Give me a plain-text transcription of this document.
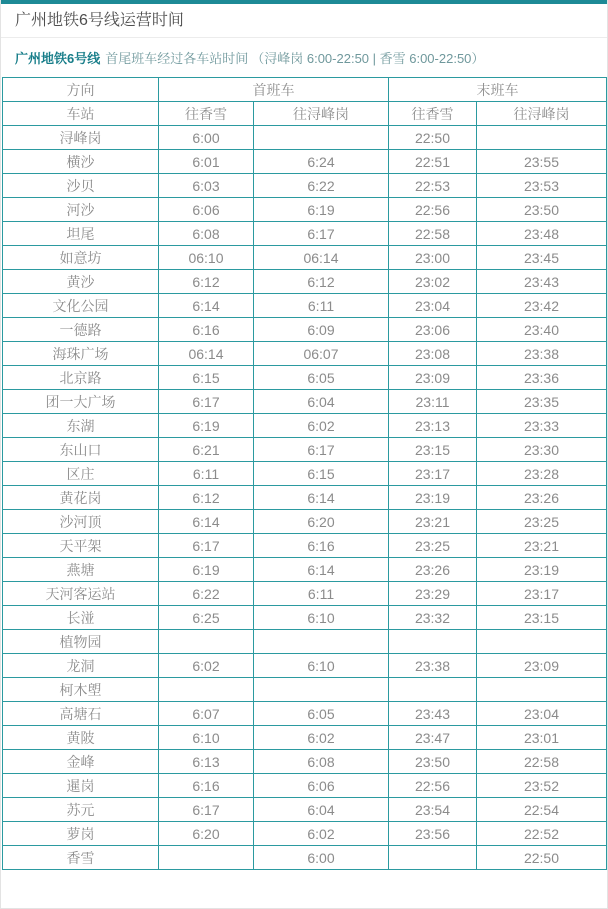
广州地铁6号线运营时间
广州地铁6号线 首尾班车经过各车站时间 （浔峰岗 6:00-22:50 | 香雪 6:00-22:50）
方向	首班车		末班车	
车站	往香雪	往浔峰岗	往香雪	往浔峰岗
浔峰岗	6:00		22:50	
横沙	6:01	6:24	22:51	23:55
沙贝	6:03	6:22	22:53	23:53
河沙	6:06	6:19	22:56	23:50
坦尾	6:08	6:17	22:58	23:48
如意坊	06:10	06:14	23:00	23:45
黄沙	6:12	6:12	23:02	23:43
文化公园	6:14	6:11	23:04	23:42
一德路	6:16	6:09	23:06	23:40
海珠广场	06:14	06:07	23:08	23:38
北京路	6:15	6:05	23:09	23:36
团一大广场	6:17	6:04	23:11	23:35
东湖	6:19	6:02	23:13	23:33
东山口	6:21	6:17	23:15	23:30
区庄	6:11	6:15	23:17	23:28
黄花岗	6:12	6:14	23:19	23:26
沙河顶	6:14	6:20	23:21	23:25
天平架	6:17	6:16	23:25	23:21
燕塘	6:19	6:14	23:26	23:19
天河客运站	6:22	6:11	23:29	23:17
长湴	6:25	6:10	23:32	23:15
植物园				
龙洞	6:02	6:10	23:38	23:09
柯木塱				
高塘石	6:07	6:05	23:43	23:04
黄陂	6:10	6:02	23:47	23:01
金峰	6:13	6:08	23:50	22:58
暹岗	6:16	6:06	22:56	23:52
苏元	6:17	6:04	23:54	22:54
萝岗	6:20	6:02	23:56	22:52
香雪		6:00		22:50
